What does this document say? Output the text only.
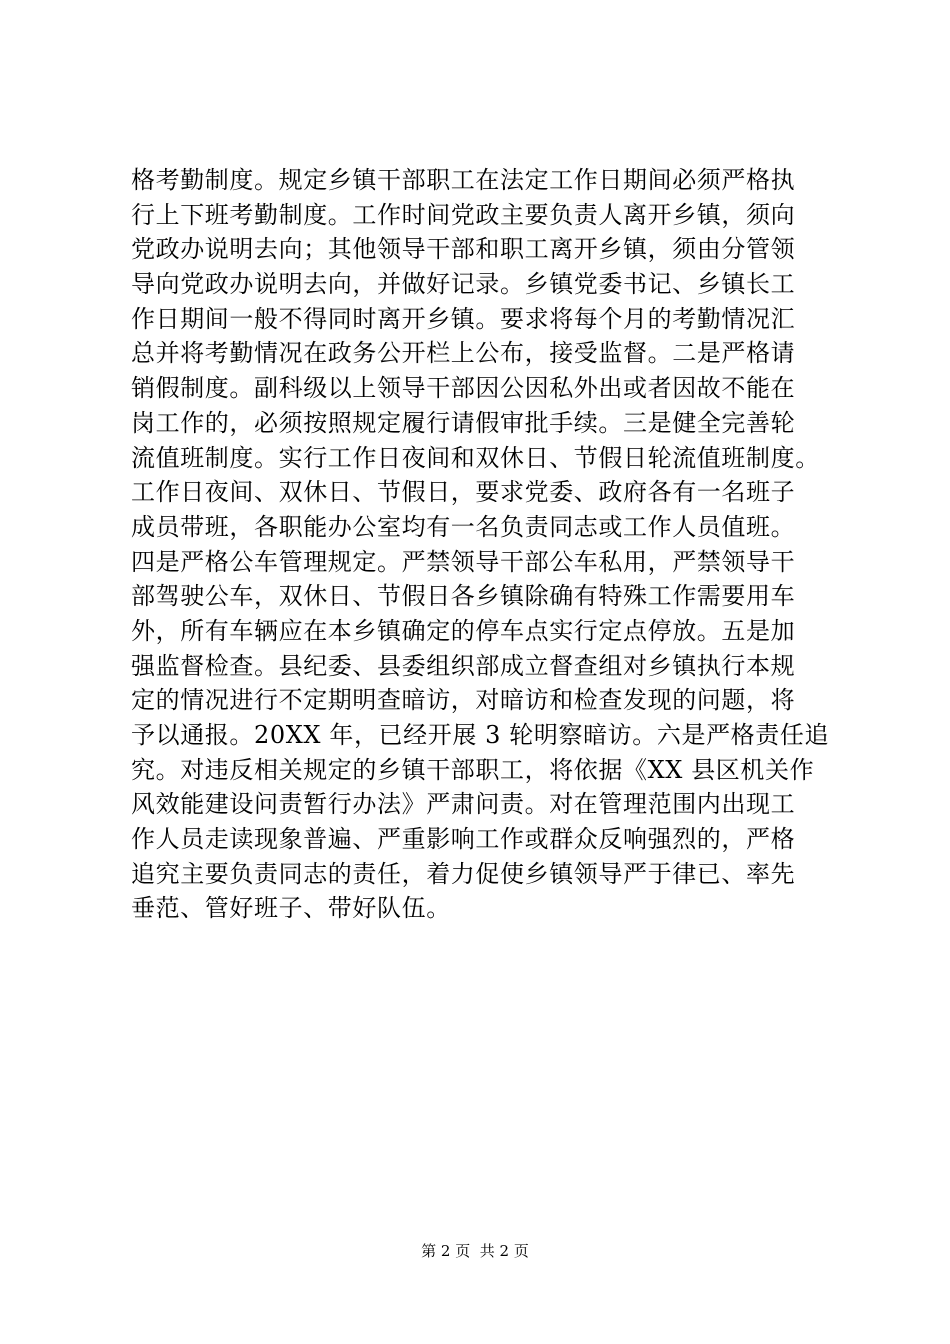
格考勤制度。规定乡镇干部职工在法定工作日期间必须严格执
行上下班考勤制度。工作时间党政主要负责人离开乡镇，须向
党政办说明去向；其他领导干部和职工离开乡镇，须由分管领
导向党政办说明去向，并做好记录。乡镇党委书记、乡镇长工
作日期间一般不得同时离开乡镇。要求将每个月的考勤情况汇
总并将考勤情况在政务公开栏上公布，接受监督。二是严格请
销假制度。副科级以上领导干部因公因私外出或者因故不能在
岗工作的，必须按照规定履行请假审批手续。三是健全完善轮
流值班制度。实行工作日夜间和双休日、节假日轮流值班制度。
工作日夜间、双休日、节假日，要求党委、政府各有一名班子
成员带班，各职能办公室均有一名负责同志或工作人员值班。
四是严格公车管理规定。严禁领导干部公车私用，严禁领导干
部驾驶公车，双休日、节假日各乡镇除确有特殊工作需要用车
外，所有车辆应在本乡镇确定的停车点实行定点停放。五是加
强监督检查。县纪委、县委组织部成立督查组对乡镇执行本规
定的情况进行不定期明查暗访，对暗访和检查发现的问题，将
予以通报。20XX 年，已经开展 3 轮明察暗访。六是严格责任追
究。对违反相关规定的乡镇干部职工，将依据《XX 县区机关作
风效能建设问责暂行办法》严肃问责。对在管理范围内出现工
作人员走读现象普遍、严重影响工作或群众反响强烈的，严格
追究主要负责同志的责任，着力促使乡镇领导严于律已、率先
垂范、管好班子、带好队伍。
第 2 页  共 2 页
